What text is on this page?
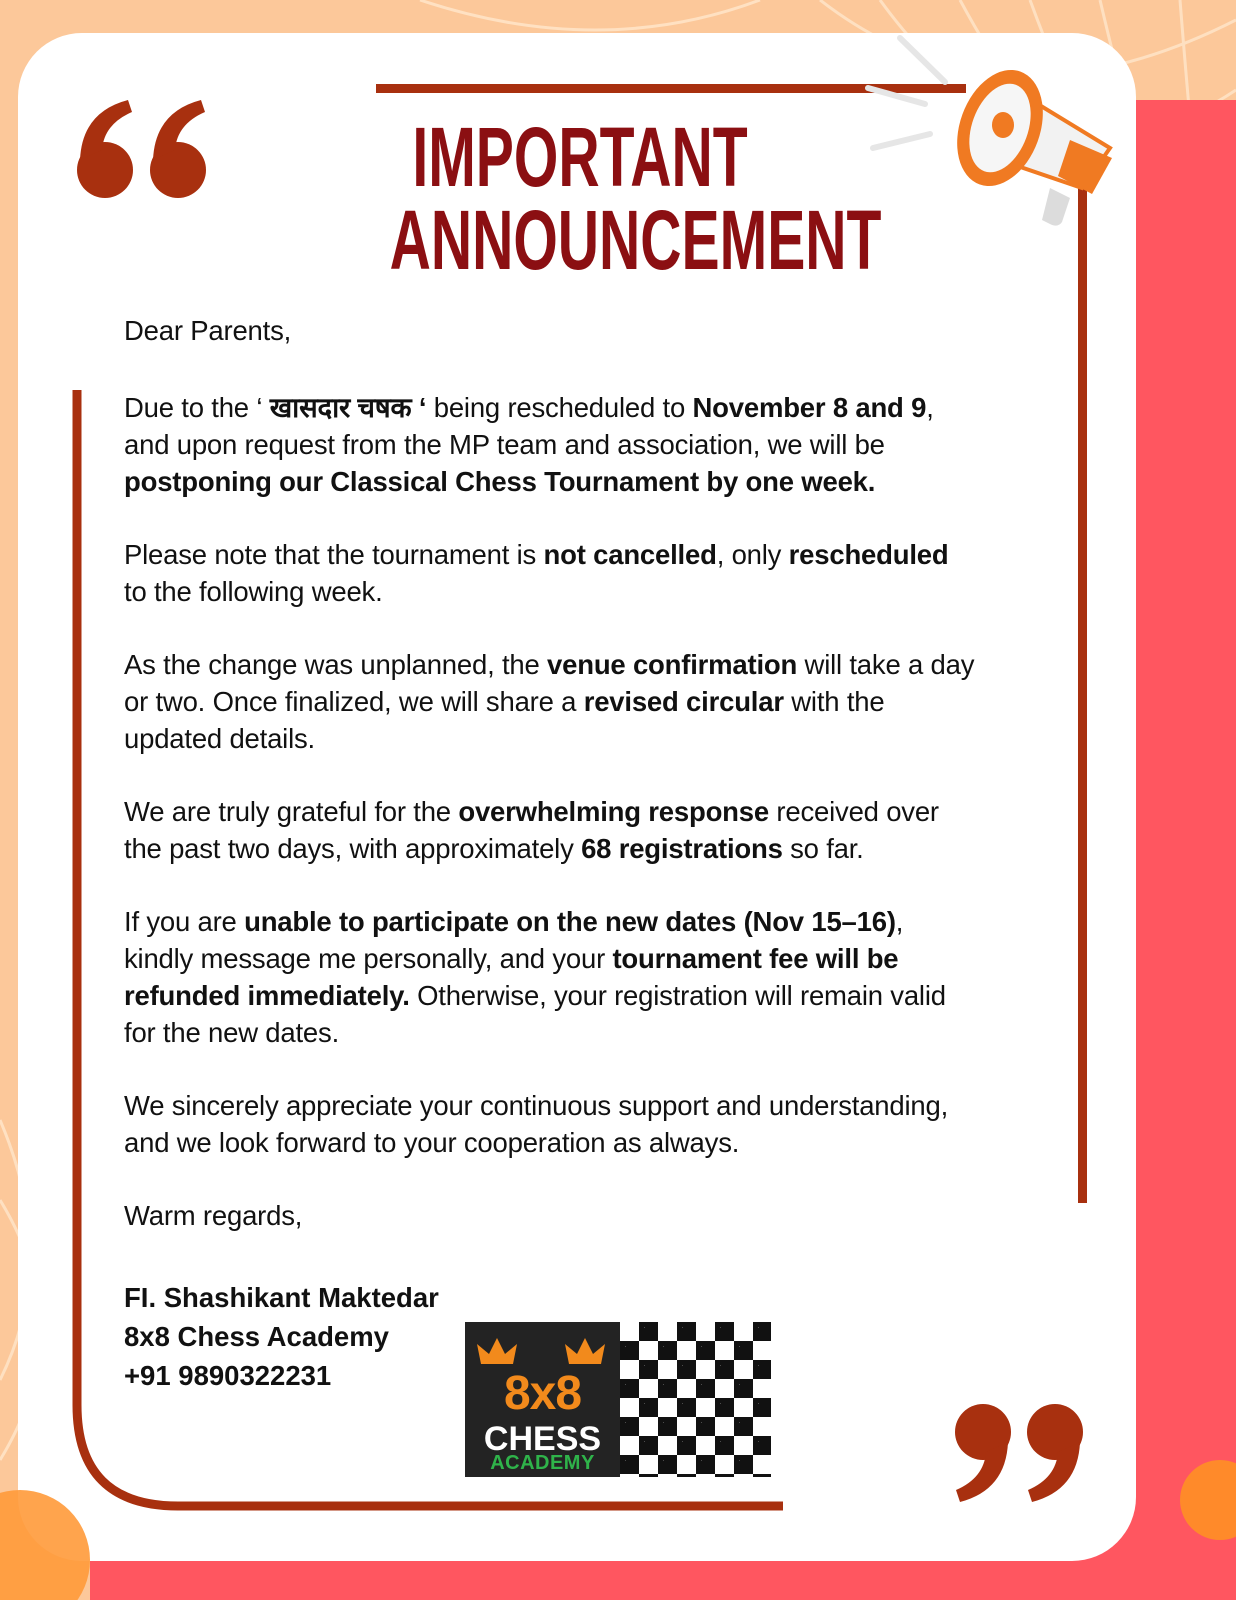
IMPORTANT
ANNOUNCEMENT

Dear Parents,

Due to the ‘ खासदार चषक ‘ being rescheduled to November 8 and 9,
and upon request from the MP team and association, we will be
postponing our Classical Chess Tournament by one week.

Please note that the tournament is not cancelled, only rescheduled
to the following week.

As the change was unplanned, the venue confirmation will take a day
or two. Once finalized, we will share a revised circular with the
updated details.

We are truly grateful for the overwhelming response received over
the past two days, with approximately 68 registrations so far.

If you are unable to participate on the new dates (Nov 15–16),
kindly message me personally, and your tournament fee will be
refunded immediately. Otherwise, your registration will remain valid
for the new dates.

We sincerely appreciate your continuous support and understanding,
and we look forward to your cooperation as always.

Warm regards,

FI. Shashikant Maktedar
8x8 Chess Academy
+91 9890322231	8x8
CHESS
ACADEMY
